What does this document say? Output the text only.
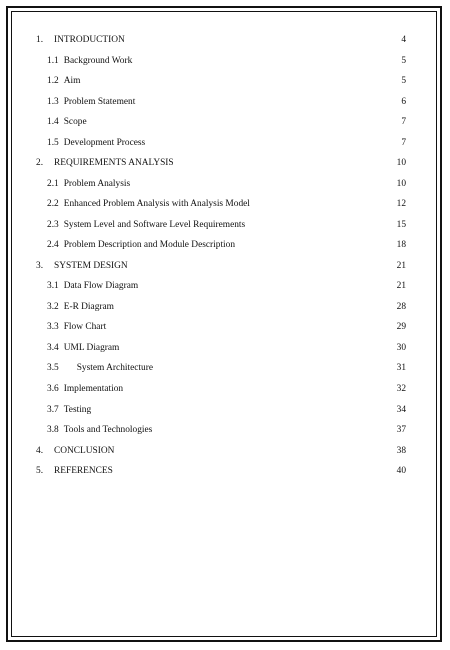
1. INTRODUCTION	4
1.1 Background Work	5
1.2 Aim	5
1.3 Problem Statement	6
1.4 Scope	7
1.5 Development Process	7
2. REQUIREMENTS ANALYSIS	10
2.1 Problem Analysis	10
2.2 Enhanced Problem Analysis with Analysis Model	12
2.3 System Level and Software Level Requirements	15
2.4 Problem Description and Module Description	18
3. SYSTEM DESIGN	21
3.1 Data Flow Diagram	21
3.2 E-R Diagram	28
3.3 Flow Chart	29
3.4 UML Diagram	30
3.5 System Architecture	31
3.6 Implementation	32
3.7 Testing	34
3.8 Tools and Technologies	37
4. CONCLUSION	38
5. REFERENCES	40
